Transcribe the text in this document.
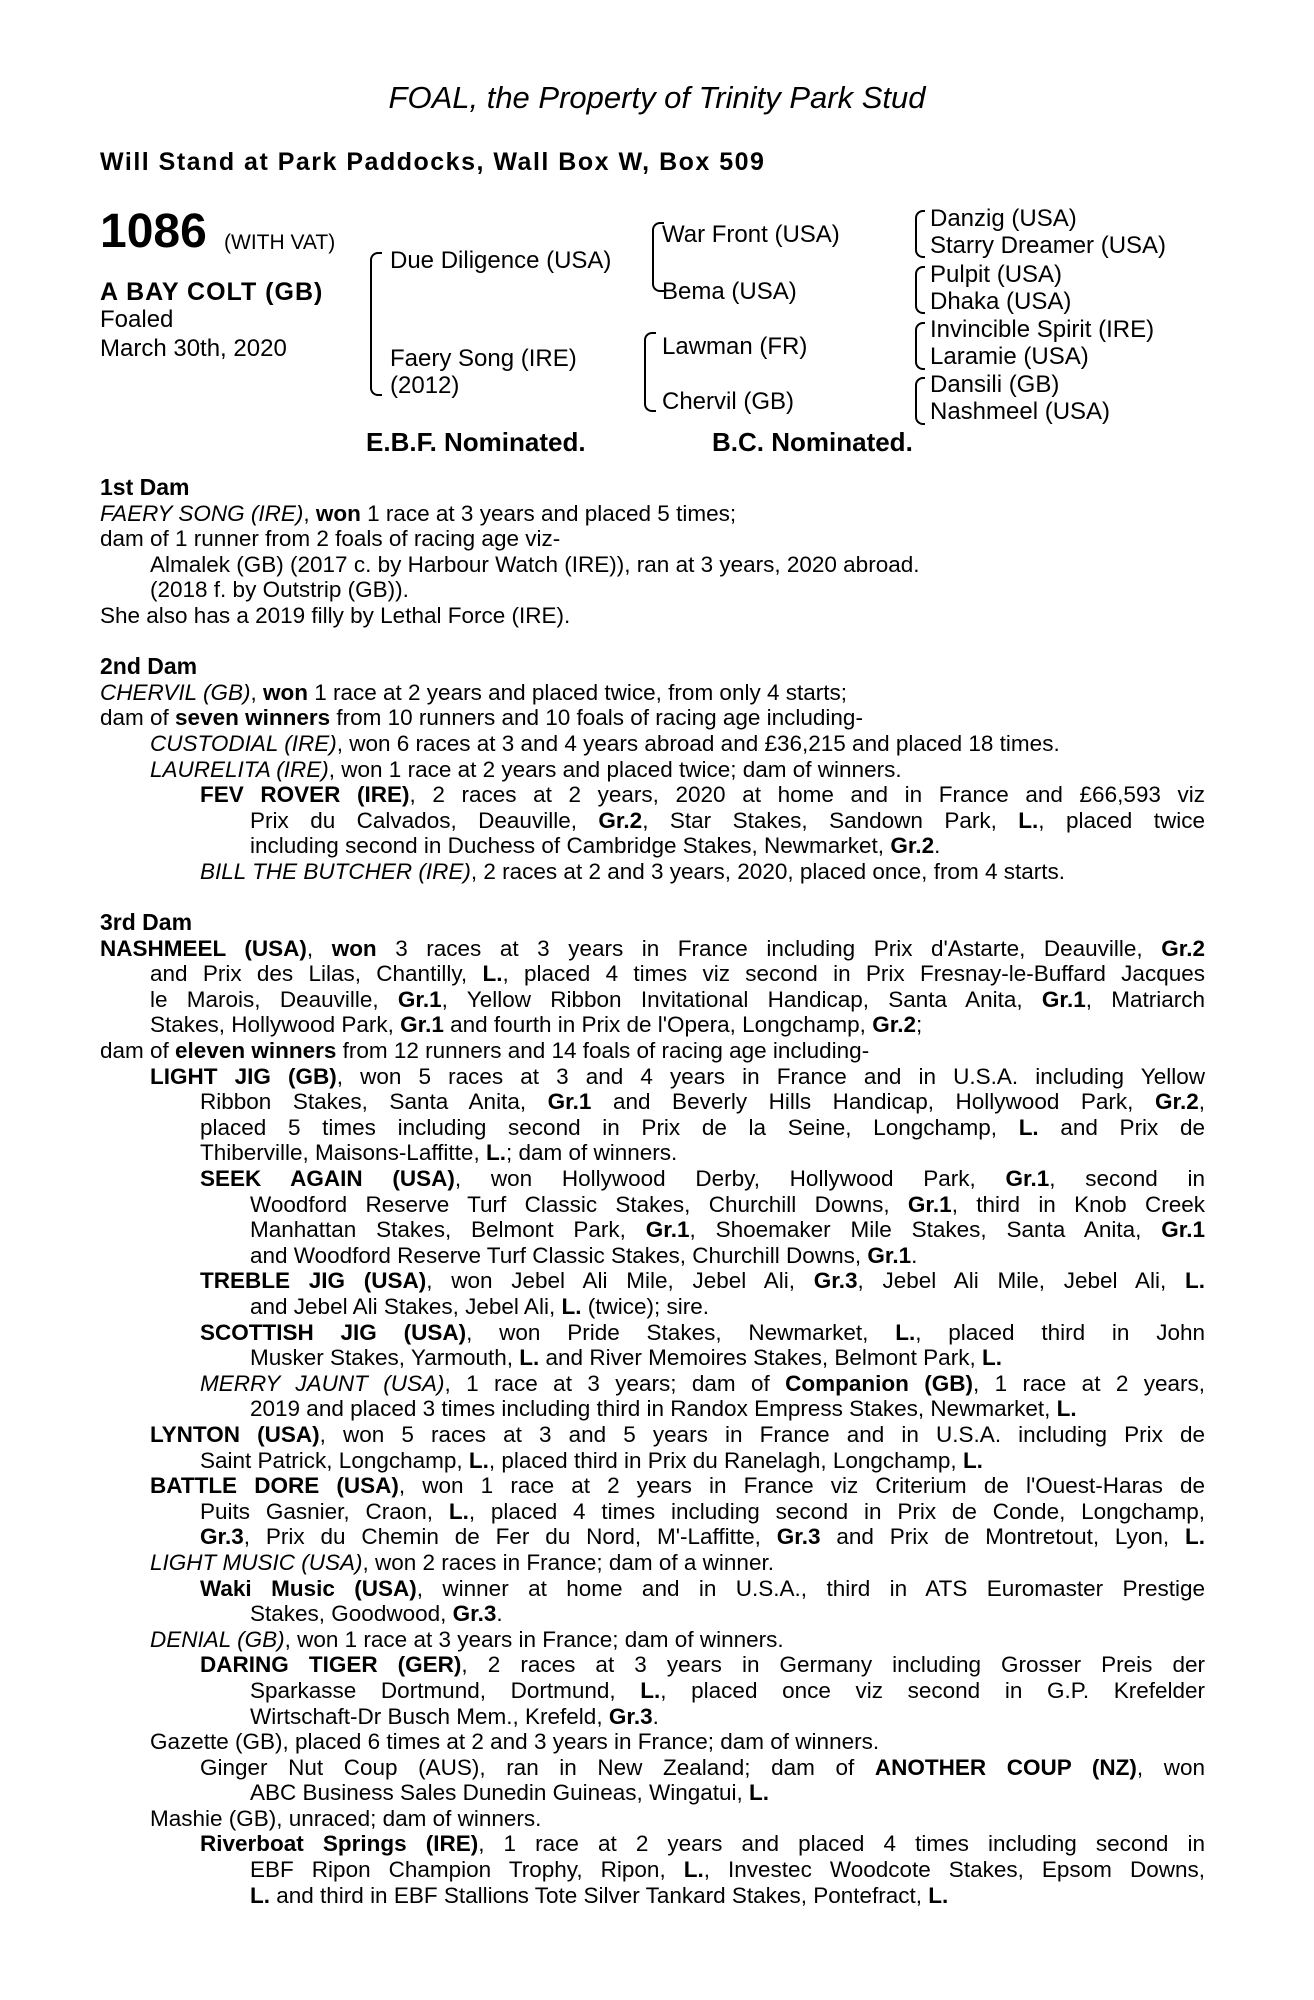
FOAL, the Property of Trinity Park Stud
Will Stand at Park Paddocks, Wall Box W, Box 509
1086 (WITH VAT)
A BAY COLT (GB)
Foaled
March 30th, 2020
Due Diligence (USA)
Faery Song (IRE)
(2012)
War Front (USA)
Bema (USA)
Lawman (FR)
Chervil (GB)
Danzig (USA)
Starry Dreamer (USA)
Pulpit (USA)
Dhaka (USA)
Invincible Spirit (IRE)
Laramie (USA)
Dansili (GB)
Nashmeel (USA)
E.B.F. Nominated.	B.C. Nominated.
1st Dam
FAERY SONG (IRE), won 1 race at 3 years and placed 5 times;
dam of 1 runner from 2 foals of racing age viz-
Almalek (GB) (2017 c. by Harbour Watch (IRE)), ran at 3 years, 2020 abroad.
(2018 f. by Outstrip (GB)).
She also has a 2019 filly by Lethal Force (IRE).
2nd Dam
CHERVIL (GB), won 1 race at 2 years and placed twice, from only 4 starts;
dam of seven winners from 10 runners and 10 foals of racing age including-
CUSTODIAL (IRE), won 6 races at 3 and 4 years abroad and £36,215 and placed 18 times.
LAURELITA (IRE), won 1 race at 2 years and placed twice; dam of winners.
FEV ROVER (IRE), 2 races at 2 years, 2020 at home and in France and £66,593 viz
Prix du Calvados, Deauville, Gr.2, Star Stakes, Sandown Park, L., placed twice
including second in Duchess of Cambridge Stakes, Newmarket, Gr.2.
BILL THE BUTCHER (IRE), 2 races at 2 and 3 years, 2020, placed once, from 4 starts.
3rd Dam
NASHMEEL (USA), won 3 races at 3 years in France including Prix d'Astarte, Deauville, Gr.2
and Prix des Lilas, Chantilly, L., placed 4 times viz second in Prix Fresnay-le-Buffard Jacques
le Marois, Deauville, Gr.1, Yellow Ribbon Invitational Handicap, Santa Anita, Gr.1, Matriarch
Stakes, Hollywood Park, Gr.1 and fourth in Prix de l'Opera, Longchamp, Gr.2;
dam of eleven winners from 12 runners and 14 foals of racing age including-
LIGHT JIG (GB), won 5 races at 3 and 4 years in France and in U.S.A. including Yellow
Ribbon Stakes, Santa Anita, Gr.1 and Beverly Hills Handicap, Hollywood Park, Gr.2,
placed 5 times including second in Prix de la Seine, Longchamp, L. and Prix de
Thiberville, Maisons-Laffitte, L.; dam of winners.
SEEK AGAIN (USA), won Hollywood Derby, Hollywood Park, Gr.1, second in
Woodford Reserve Turf Classic Stakes, Churchill Downs, Gr.1, third in Knob Creek
Manhattan Stakes, Belmont Park, Gr.1, Shoemaker Mile Stakes, Santa Anita, Gr.1
and Woodford Reserve Turf Classic Stakes, Churchill Downs, Gr.1.
TREBLE JIG (USA), won Jebel Ali Mile, Jebel Ali, Gr.3, Jebel Ali Mile, Jebel Ali, L.
and Jebel Ali Stakes, Jebel Ali, L. (twice); sire.
SCOTTISH JIG (USA), won Pride Stakes, Newmarket, L., placed third in John
Musker Stakes, Yarmouth, L. and River Memoires Stakes, Belmont Park, L.
MERRY JAUNT (USA), 1 race at 3 years; dam of Companion (GB), 1 race at 2 years,
2019 and placed 3 times including third in Randox Empress Stakes, Newmarket, L.
LYNTON (USA), won 5 races at 3 and 5 years in France and in U.S.A. including Prix de
Saint Patrick, Longchamp, L., placed third in Prix du Ranelagh, Longchamp, L.
BATTLE DORE (USA), won 1 race at 2 years in France viz Criterium de l'Ouest-Haras de
Puits Gasnier, Craon, L., placed 4 times including second in Prix de Conde, Longchamp,
Gr.3, Prix du Chemin de Fer du Nord, M'-Laffitte, Gr.3 and Prix de Montretout, Lyon, L.
LIGHT MUSIC (USA), won 2 races in France; dam of a winner.
Waki Music (USA), winner at home and in U.S.A., third in ATS Euromaster Prestige
Stakes, Goodwood, Gr.3.
DENIAL (GB), won 1 race at 3 years in France; dam of winners.
DARING TIGER (GER), 2 races at 3 years in Germany including Grosser Preis der
Sparkasse Dortmund, Dortmund, L., placed once viz second in G.P. Krefelder
Wirtschaft-Dr Busch Mem., Krefeld, Gr.3.
Gazette (GB), placed 6 times at 2 and 3 years in France; dam of winners.
Ginger Nut Coup (AUS), ran in New Zealand; dam of ANOTHER COUP (NZ), won
ABC Business Sales Dunedin Guineas, Wingatui, L.
Mashie (GB), unraced; dam of winners.
Riverboat Springs (IRE), 1 race at 2 years and placed 4 times including second in
EBF Ripon Champion Trophy, Ripon, L., Investec Woodcote Stakes, Epsom Downs,
L. and third in EBF Stallions Tote Silver Tankard Stakes, Pontefract, L.
